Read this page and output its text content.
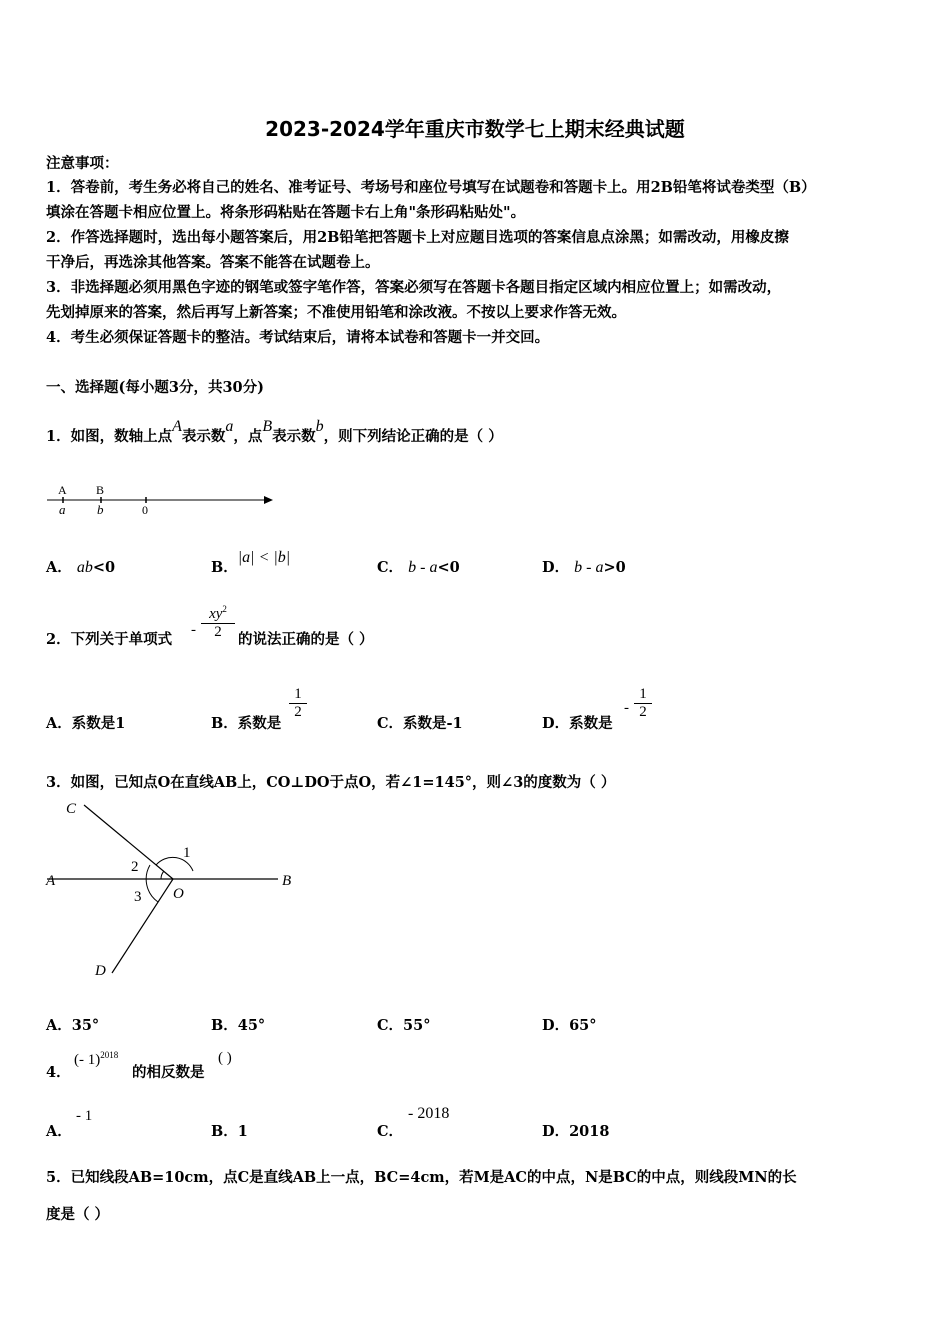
2023-2024学年重庆市数学七上期末经典试题
注意事项：
1．答卷前，考生务必将自己的姓名、准考证号、考场号和座位号填写在试题卷和答题卡上。用2B铅笔将试卷类型（B）
填涂在答题卡相应位置上。将条形码粘贴在答题卡右上角"条形码粘贴处"。
2．作答选择题时，选出每小题答案后，用2B铅笔把答题卡上对应题目选项的答案信息点涂黑；如需改动，用橡皮擦
干净后，再选涂其他答案。答案不能答在试题卷上。
3．非选择题必须用黑色字迹的钢笔或签字笔作答，答案必须写在答题卡各题目指定区域内相应位置上；如需改动，
先划掉原来的答案，然后再写上新答案；不准使用铅笔和涂改液。不按以上要求作答无效。
4．考生必须保证答题卡的整洁。考试结束后，请将本试卷和答题卡一并交回。
一、选择题(每小题3分，共30分)
1．如图，数轴上点A表示数a，点B表示数b，则下列结论正确的是（ ）
A B
a b	0
A． ab<0	B．|a| < |b|
C． b - a<0	D． b - a>0
2．下列关于单项式
- $\frac{xy^2}{2}$ 的说法正确的是（ ）
A．系数是1	B．系数是
$\frac{1}{2}$
C．系数是-1	D．系数是
- $\frac{1}{2}$
3．如图，已知点O在直线AB上，CO⊥DO于点O，若∠1=145°，则∠3的度数为（ ）
C
A	B
O
D
1
2
3
A．35°	B．45°	C．55°	D．65°
4．
(- 1)$^{2018}$
的相反数是
( )
A．
- 1
B．1	C．
- 2018
D．2018
5．已知线段AB=10cm，点C是直线AB上一点，BC=4cm，若M是AC的中点，N是BC的中点，则线段MN的长
度是（ ）
